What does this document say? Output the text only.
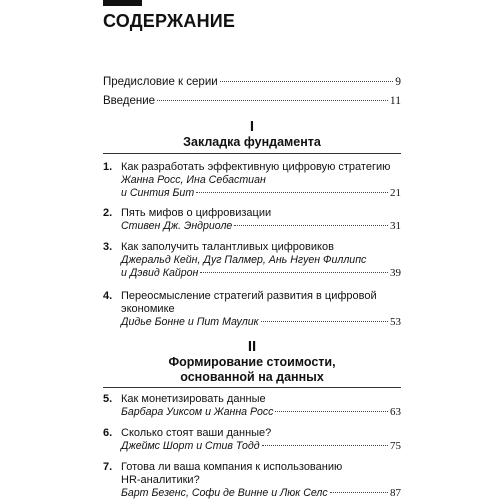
СОДЕРЖАНИЕ
Предисловие к серии	9
Введение	11
I
Закладка фундамента
1. Как разработать эффективную цифровую стратегию
Жанна Росс, Ина Себастиан
и Синтия Бит	21
2. Пять мифов о цифровизации
Стивен Дж. Эндриоле	31
3. Как заполучить талантливых цифровиков
Джеральд Кейн, Дуг Палмер, Ань Нгуен Филлипс
и Дэвид Кайрон	39
4. Переосмысление стратегий развития в цифровой
экономике
Дидье Бонне и Пит Маулик	53
II
Формирование стоимости,
основанной на данных
5. Как монетизировать данные
Барбара Уиксом и Жанна Росс	63
6. Сколько стоят ваши данные?
Джеймс Шорт и Стив Тодд	75
7. Готова ли ваша компания к использованию
HR-аналитики?
Барт Безенс, Софи де Винне и Люк Селс	87
